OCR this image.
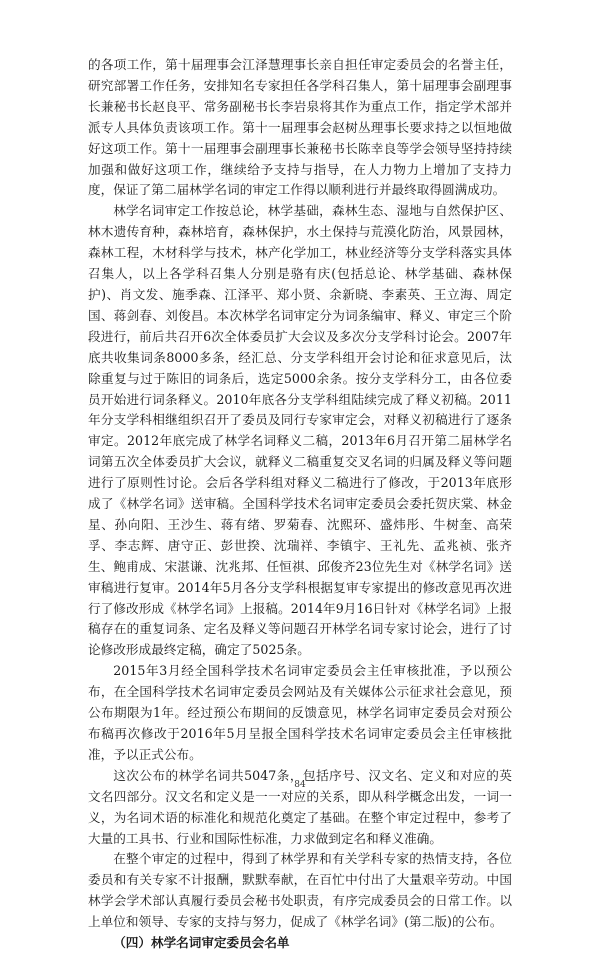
的各项工作，第十届理事会江泽慧理事长亲自担任审定委员会的名誉主任，研究部署工作任务，安排知名专家担任各学科召集人，第十届理事会副理事长兼秘书长赵良平、常务副秘书长李岩泉将其作为重点工作，指定学术部并派专人具体负责该项工作。第十一届理事会赵树丛理事长要求持之以恒地做好这项工作。第十一届理事会副理事长兼秘书长陈幸良等学会领导坚持持续加强和做好这项工作，继续给予支持与指导，在人力物力上增加了支持力度，保证了第二届林学名词的审定工作得以顺利进行并最终取得圆满成功。

林学名词审定工作按总论，林学基础，森林生态、湿地与自然保护区、林木遗传育种，森林培育，森林保护，水土保持与荒漠化防治，风景园林，森林工程，木材科学与技术，林产化学加工，林业经济等分支学科落实具体召集人，以上各学科召集人分别是骆有庆(包括总论、林学基础、森林保护)、肖文发、施季森、江泽平、郑小贤、余新晓、李素英、王立海、周定国、蒋剑春、刘俊昌。本次林学名词审定分为词条编审、释义、审定三个阶段进行，前后共召开6次全体委员扩大会议及多次分支学科讨论会。2007年底共收集词条8000多条，经汇总、分支学科组开会讨论和征求意见后，汰除重复与过于陈旧的词条后，选定5000余条。按分支学科分工，由各位委员开始进行词条释义。2010年底各分支学科组陆续完成了释义初稿。2011年分支学科相继组织召开了委员及同行专家审定会，对释义初稿进行了逐条审定。2012年底完成了林学名词释义二稿，2013年6月召开第二届林学名词第五次全体委员扩大会议，就释义二稿重复交叉名词的归属及释义等问题进行了原则性讨论。会后各学科组对释义二稿进行了修改，于2013年底形成了《林学名词》送审稿。全国科学技术名词审定委员会委托贺庆棠、林金星、孙向阳、王沙生、蒋有绪、罗菊春、沈熙环、盛炜彤、牛树奎、高荣孚、李志辉、唐守正、彭世揆、沈瑞祥、李镇宇、王礼先、孟兆祯、张齐生、鲍甫成、宋湛谦、沈兆邦、任恒祺、邱俊齐23位先生对《林学名词》送审稿进行复审。2014年5月各分支学科根据复审专家提出的修改意见再次进行了修改形成《林学名词》上报稿。2014年9月16日针对《林学名词》上报稿存在的重复词条、定名及释义等问题召开林学名词专家讨论会，进行了讨论修改形成最终定稿，确定了5025条。

2015年3月经全国科学技术名词审定委员会主任审核批准，予以预公布，在全国科学技术名词审定委员会网站及有关媒体公示征求社会意见，预公布期限为1年。经过预公布期间的反馈意见，林学名词审定委员会对预公布稿再次修改于2016年5月呈报全国科学技术名词审定委员会主任审核批准，予以正式公布。

这次公布的林学名词共5047条，包括序号、汉文名、定义和对应的英文名四部分。汉文名和定义是一一对应的关系，即从科学概念出发，一词一义，为名词术语的标准化和规范化奠定了基础。在整个审定过程中，参考了大量的工具书、行业和国际性标准，力求做到定名和释义准确。

在整个审定的过程中，得到了林学界和有关学科专家的热情支持，各位委员和有关专家不计报酬，默默奉献，在百忙中付出了大量艰辛劳动。中国林学会学术部认真履行委员会秘书处职责，有序完成委员会的日常工作。以上单位和领导、专家的支持与努力，促成了《林学名词》(第二版)的公布。

（四）林学名词审定委员会名单

84
